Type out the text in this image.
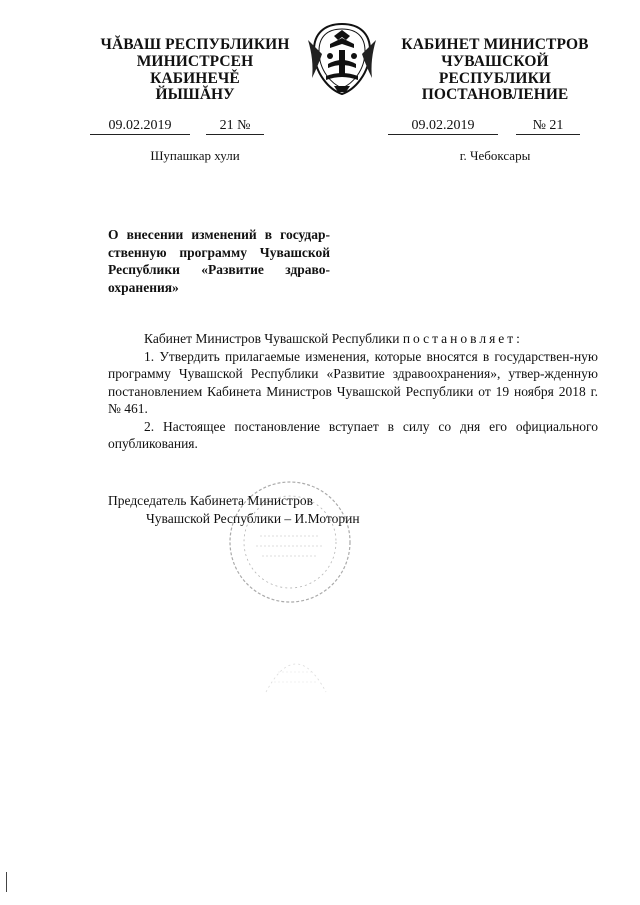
ЧĂВАШ РЕСПУБЛИКИН
МИНИСТРСЕН КАБИНЕЧĚ
ЙЫШĂНУ
КАБИНЕТ МИНИСТРОВ
ЧУВАШСКОЙ РЕСПУБЛИКИ
ПОСТАНОВЛЕНИЕ
09.02.2019	21 №	09.02.2019	№ 21
Шупашкар хули	г. Чебоксары
О внесении изменений в государ-ственную программу Чувашской Республики «Развитие здраво-охранения»

Кабинет Министров Чувашской Республики постановляет:

1. Утвердить прилагаемые изменения, которые вносятся в государствен-ную программу Чувашской Республики «Развитие здравоохранения», утвер-жденную постановлением Кабинета Министров Чувашской Республики от 19 ноября 2018 г. № 461.

2. Настоящее постановление вступает в силу со дня его официального опубликования.

Председатель Кабинета Министров
Чувашской Республики – И.Моторин
